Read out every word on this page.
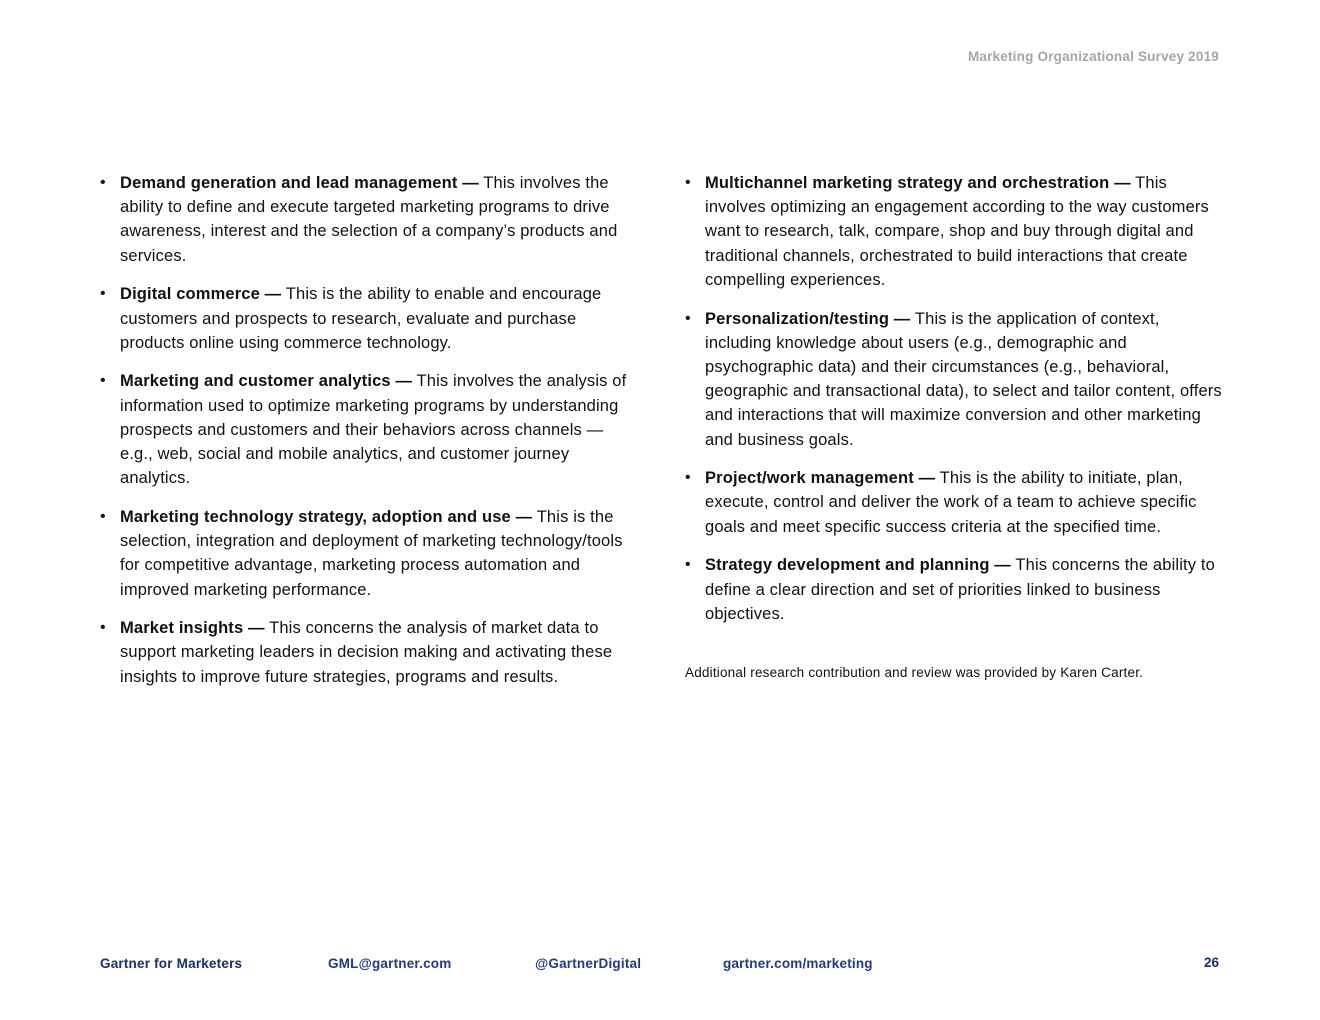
Marketing Organizational Survey 2019
• Demand generation and lead management — This involves the ability to define and execute targeted marketing programs to drive awareness, interest and the selection of a company’s products and services.
• Digital commerce — This is the ability to enable and encourage customers and prospects to research, evaluate and purchase products online using commerce technology.
• Marketing and customer analytics — This involves the analysis of information used to optimize marketing programs by understanding prospects and customers and their behaviors across channels — e.g., web, social and mobile analytics, and customer journey analytics.
• Marketing technology strategy, adoption and use — This is the selection, integration and deployment of marketing technology/tools for competitive advantage, marketing process automation and improved marketing performance.
• Market insights — This concerns the analysis of market data to support marketing leaders in decision making and activating these insights to improve future strategies, programs and results.
• Multichannel marketing strategy and orchestration — This involves optimizing an engagement according to the way customers want to research, talk, compare, shop and buy through digital and traditional channels, orchestrated to build interactions that create compelling experiences.
• Personalization/testing — This is the application of context, including knowledge about users (e.g., demographic and psychographic data) and their circumstances (e.g., behavioral, geographic and transactional data), to select and tailor content, offers and interactions that will maximize conversion and other marketing and business goals.
• Project/work management — This is the ability to initiate, plan, execute, control and deliver the work of a team to achieve specific goals and meet specific success criteria at the specified time.
• Strategy development and planning — This concerns the ability to define a clear direction and set of priorities linked to business objectives.
Additional research contribution and review was provided by Karen Carter.
Gartner for Marketers	GML@gartner.com	@GartnerDigital	gartner.com/marketing	26
